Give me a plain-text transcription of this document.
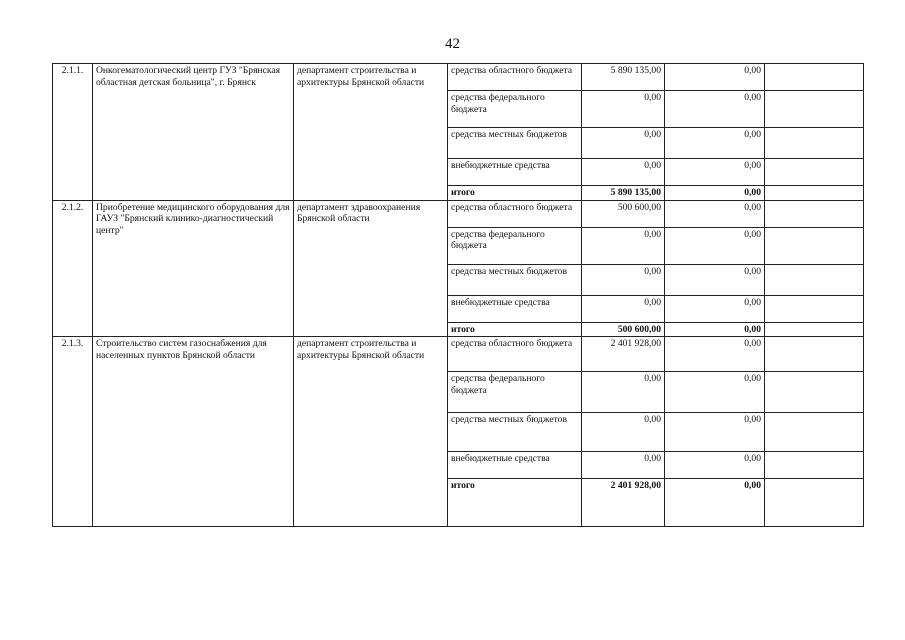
42
2.1.1.	Онкогематологический центр ГУЗ "Брянская областная детская больница", г. Брянск	департамент строительства и архитектуры Брянской области	средства областного бюджета	5 890 135,00	0,00	
			средства федерального бюджета	0,00	0,00	
			средства местных бюджетов	0,00	0,00	
			внебюджетные средства	0,00	0,00	
			итого	5 890 135,00	0,00	
2.1.2.	Приобретение медицинского оборудования для ГАУЗ "Брянский клинико-диагностический центр"	департамент здравоохранения Брянской области	средства областного бюджета	500 600,00	0,00	
			средства федерального бюджета	0,00	0,00	
			средства местных бюджетов	0,00	0,00	
			внебюджетные средства	0,00	0,00	
			итого	500 600,00	0,00	
2.1.3.	Строительство систем газоснабжения для населенных пунктов Брянской области	департамент строительства и архитектуры Брянской области	средства областного бюджета	2 401 928,00	0,00	
			средства федерального бюджета	0,00	0,00	
			средства местных бюджетов	0,00	0,00	
			внебюджетные средства	0,00	0,00	
			итого	2 401 928,00	0,00	
